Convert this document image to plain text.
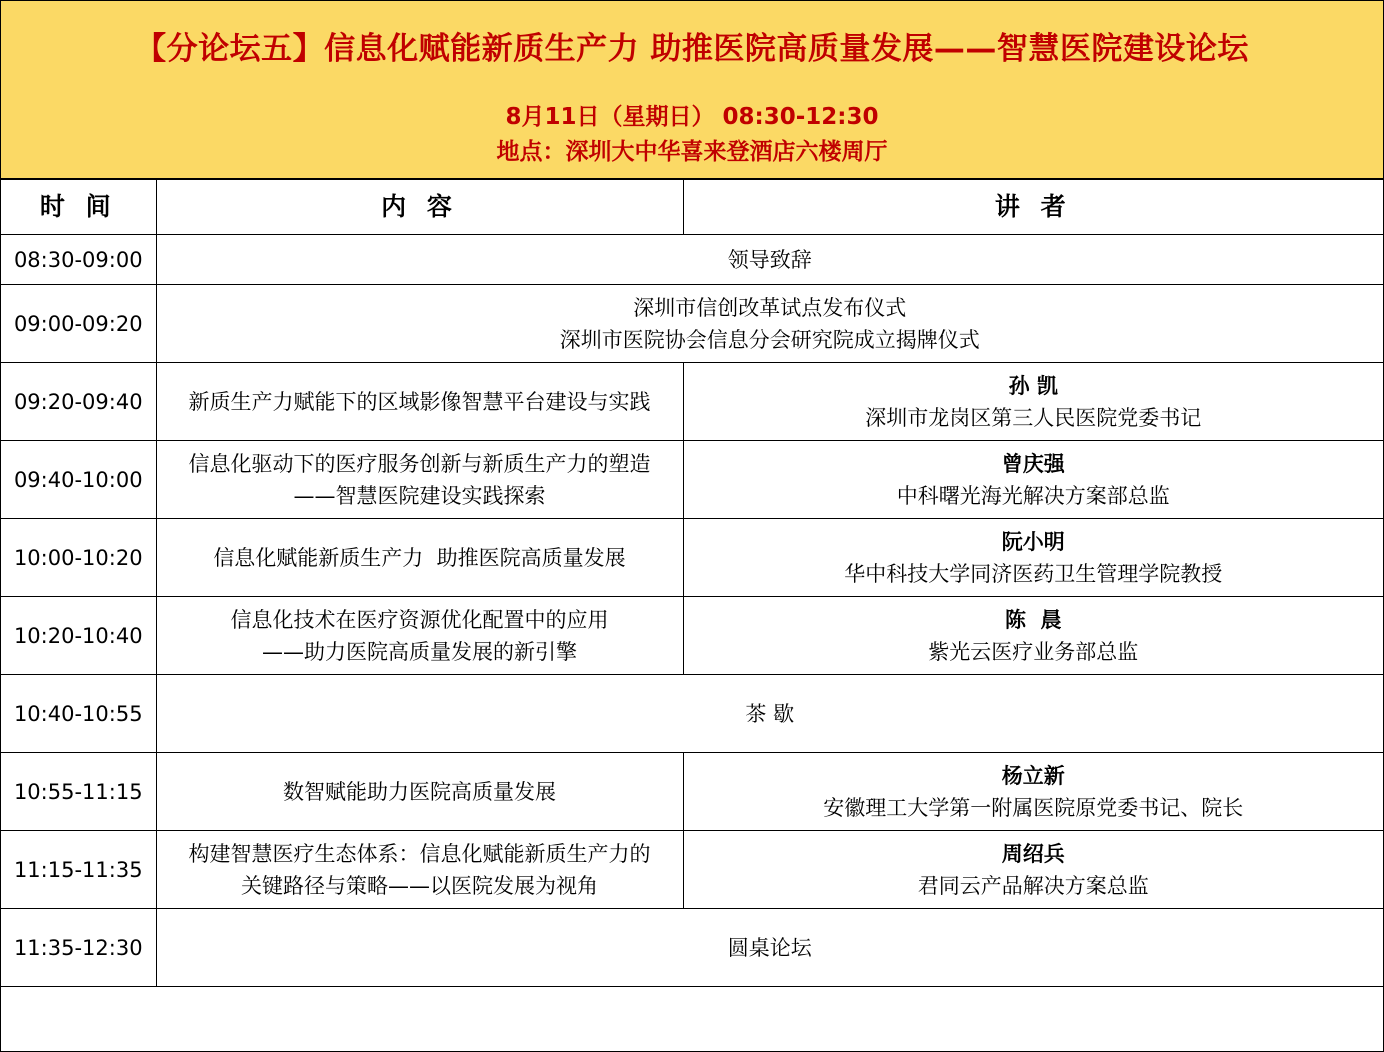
【分论坛五】信息化赋能新质生产力 助推医院高质量发展——智慧医院建设论坛
8月11日（星期日） 08:30-12:30
地点：深圳大中华喜来登酒店六楼周厅
时 间	内 容	讲 者
08:30-09:00	领导致辞	

09:00-09:20	深圳市信创改革试点发布仪式
深圳市医院协会信息分会研究院成立揭牌仪式	

09:20-09:40	新质生产力赋能下的区域影像智慧平台建设与实践	孙 凯
深圳市龙岗区第三人民医院党委书记

09:40-10:00	信息化驱动下的医疗服务创新与新质生产力的塑造
——智慧医院建设实践探索	曾庆强
中科曙光海光解决方案部总监

10:00-10:20	信息化赋能新质生产力  助推医院高质量发展	阮小明
华中科技大学同济医药卫生管理学院教授

10:20-10:40	信息化技术在医疗资源优化配置中的应用
——助力医院高质量发展的新引擎	陈  晨
紫光云医疗业务部总监

10:40-10:55	茶 歇	

10:55-11:15	数智赋能助力医院高质量发展	杨立新
安徽理工大学第一附属医院原党委书记、院长

11:15-11:35	构建智慧医疗生态体系：信息化赋能新质生产力的
关键路径与策略——以医院发展为视角	周绍兵
君同云产品解决方案总监

11:35-12:30	圆桌论坛	
